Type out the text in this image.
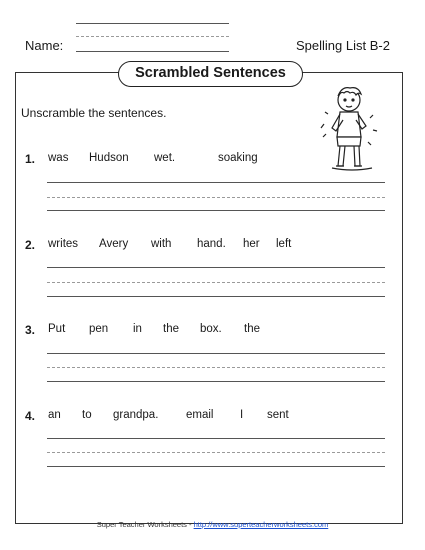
Name:	Spelling List B-2
Scrambled Sentences
Unscramble the sentences.
1. was Hudson wet.	soaking
2. writes Avery with hand. her left
3. Put pen in the box. the
4. an to grandpa. email I sent
Super Teacher Worksheets - http://www.superteacherworksheets.com
